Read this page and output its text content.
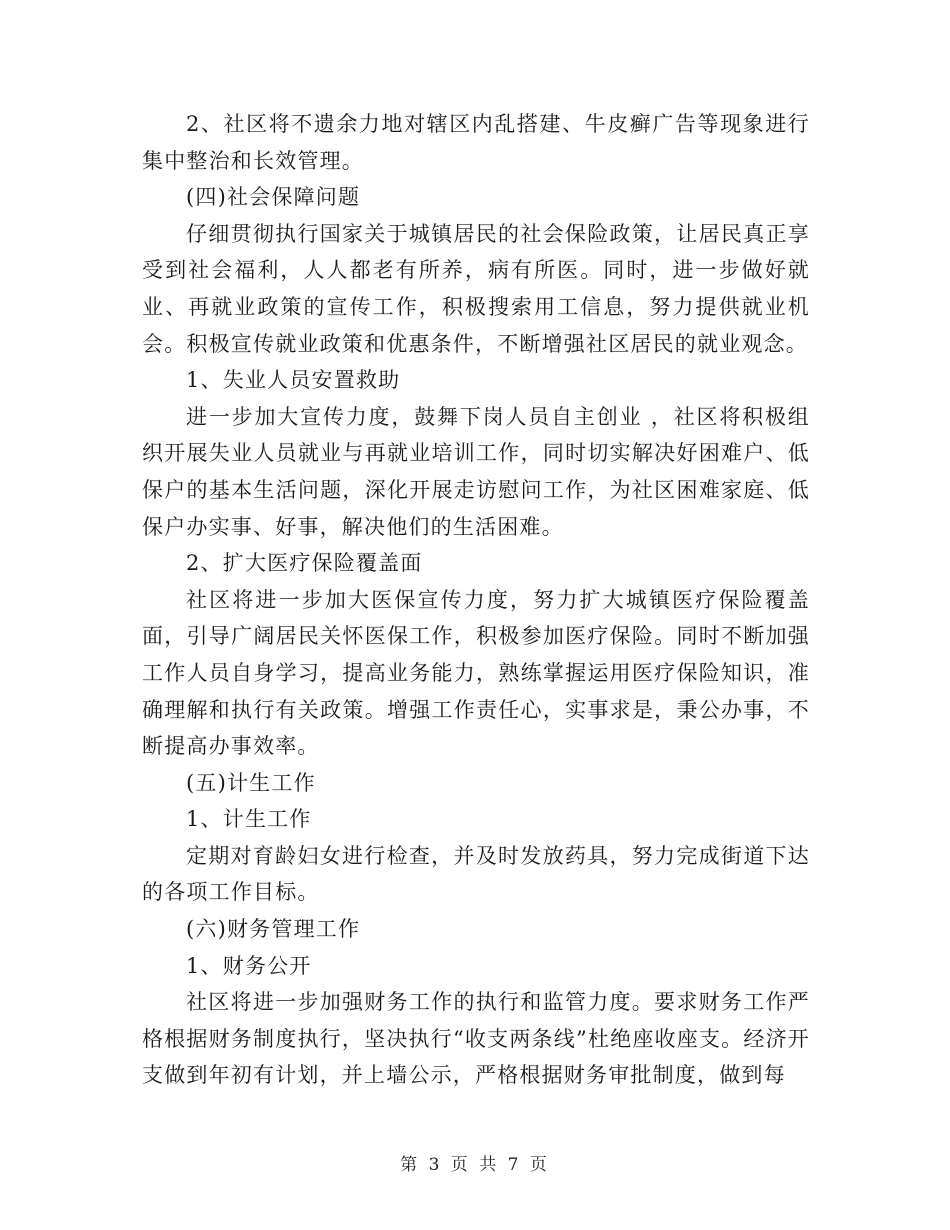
2、社区将不遗余力地对辖区内乱搭建、牛皮癣广告等现象进行集中整治和长效管理。

(四)社会保障问题

仔细贯彻执行国家关于城镇居民的社会保险政策，让居民真正享受到社会福利，人人都老有所养，病有所医。同时，进一步做好就业、再就业政策的宣传工作，积极搜索用工信息，努力提供就业机会。积极宣传就业政策和优惠条件，不断增强社区居民的就业观念。

1、失业人员安置救助

进一步加大宣传力度，鼓舞下岗人员自主创业 ，社区将积极组织开展失业人员就业与再就业培训工作，同时切实解决好困难户、低保户的基本生活问题，深化开展走访慰问工作，为社区困难家庭、低保户办实事、好事，解决他们的生活困难。

2、扩大医疗保险覆盖面

社区将进一步加大医保宣传力度，努力扩大城镇医疗保险覆盖面，引导广阔居民关怀医保工作，积极参加医疗保险。同时不断加强工作人员自身学习，提高业务能力，熟练掌握运用医疗保险知识，准确理解和执行有关政策。增强工作责任心，实事求是，秉公办事，不断提高办事效率。

(五)计生工作

1、计生工作

定期对育龄妇女进行检查，并及时发放药具，努力完成街道下达的各项工作目标。

(六)财务管理工作

1、财务公开

社区将进一步加强财务工作的执行和监管力度。要求财务工作严格根据财务制度执行，坚决执行“收支两条线”杜绝座收座支。经济开支做到年初有计划，并上墙公示，严格根据财务审批制度，做到每

第 3 页 共 7 页
